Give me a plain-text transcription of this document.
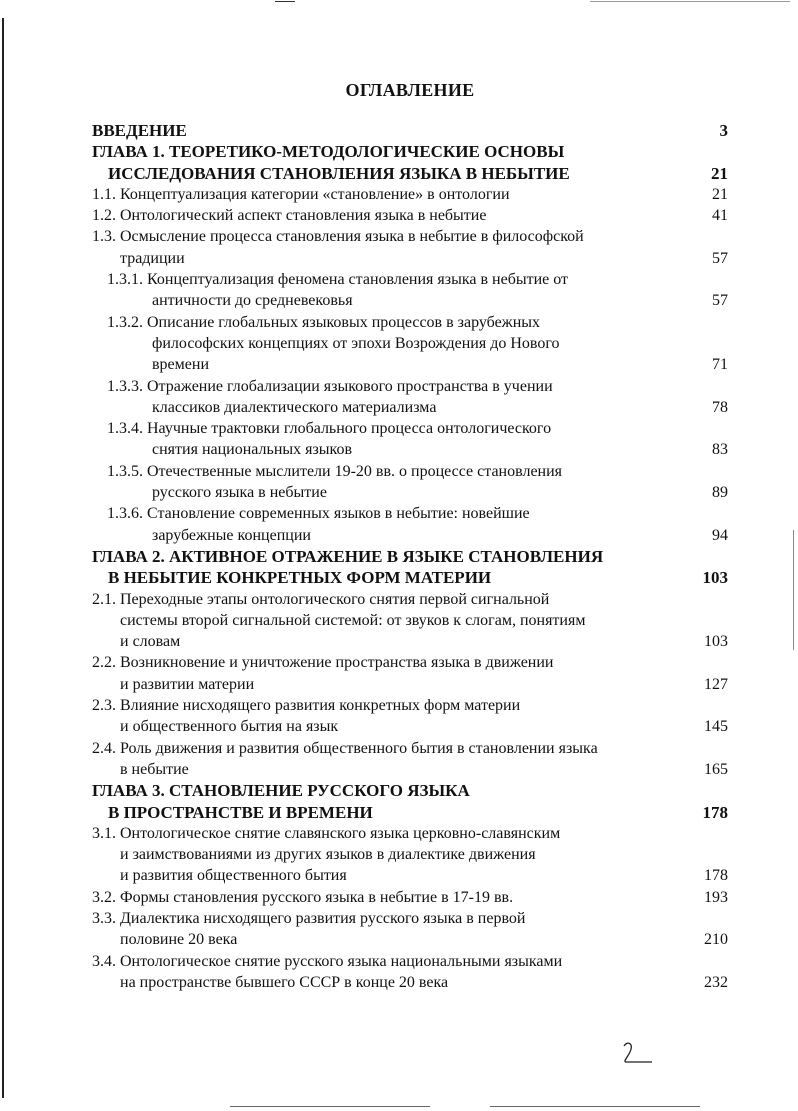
ОГЛАВЛЕНИЕ
ВВЕДЕНИЕ	3
ГЛАВА 1. ТЕОРЕТИКО-МЕТОДОЛОГИЧЕСКИЕ ОСНОВЫ
ИССЛЕДОВАНИЯ СТАНОВЛЕНИЯ ЯЗЫКА В НЕБЫТИЕ	21
1.1. Концептуализация категории «становление» в онтологии	21
1.2. Онтологический аспект становления языка в небытие	41
1.3. Осмысление процесса становления языка в небытие в философской
традиции	57
1.3.1. Концептуализация феномена становления языка в небытие от
античности до средневековья	57
1.3.2. Описание глобальных языковых процессов в зарубежных
философских концепциях от эпохи Возрождения до Нового
времени	71
1.3.3. Отражение глобализации языкового пространства в учении
классиков диалектического материализма	78
1.3.4. Научные трактовки глобального процесса онтологического
снятия национальных языков	83
1.3.5. Отечественные мыслители 19-20 вв. о процессе становления
русского языка в небытие	89
1.3.6. Становление современных языков в небытие: новейшие
зарубежные концепции	94
ГЛАВА 2. АКТИВНОЕ ОТРАЖЕНИЕ В ЯЗЫКЕ СТАНОВЛЕНИЯ
В НЕБЫТИЕ КОНКРЕТНЫХ ФОРМ МАТЕРИИ	103
2.1. Переходные этапы онтологического снятия первой сигнальной
системы второй сигнальной системой: от звуков к слогам, понятиям
и словам	103
2.2. Возникновение и уничтожение пространства языка в движении
и развитии материи	127
2.3. Влияние нисходящего развития конкретных форм материи
и общественного бытия на язык	145
2.4. Роль движения и развития общественного бытия в становлении языка
в небытие	165
ГЛАВА 3. СТАНОВЛЕНИЕ РУССКОГО ЯЗЫКА
В ПРОСТРАНСТВЕ И ВРЕМЕНИ	178
3.1. Онтологическое снятие славянского языка церковно-славянским
и заимствованиями из других языков в диалектике движения
и развития общественного бытия	178
3.2. Формы становления русского языка в небытие в 17-19 вв.	193
3.3. Диалектика нисходящего развития русского языка в первой
половине 20 века	210
3.4. Онтологическое снятие русского языка национальными языками
на пространстве бывшего СССР в конце 20 века	232
